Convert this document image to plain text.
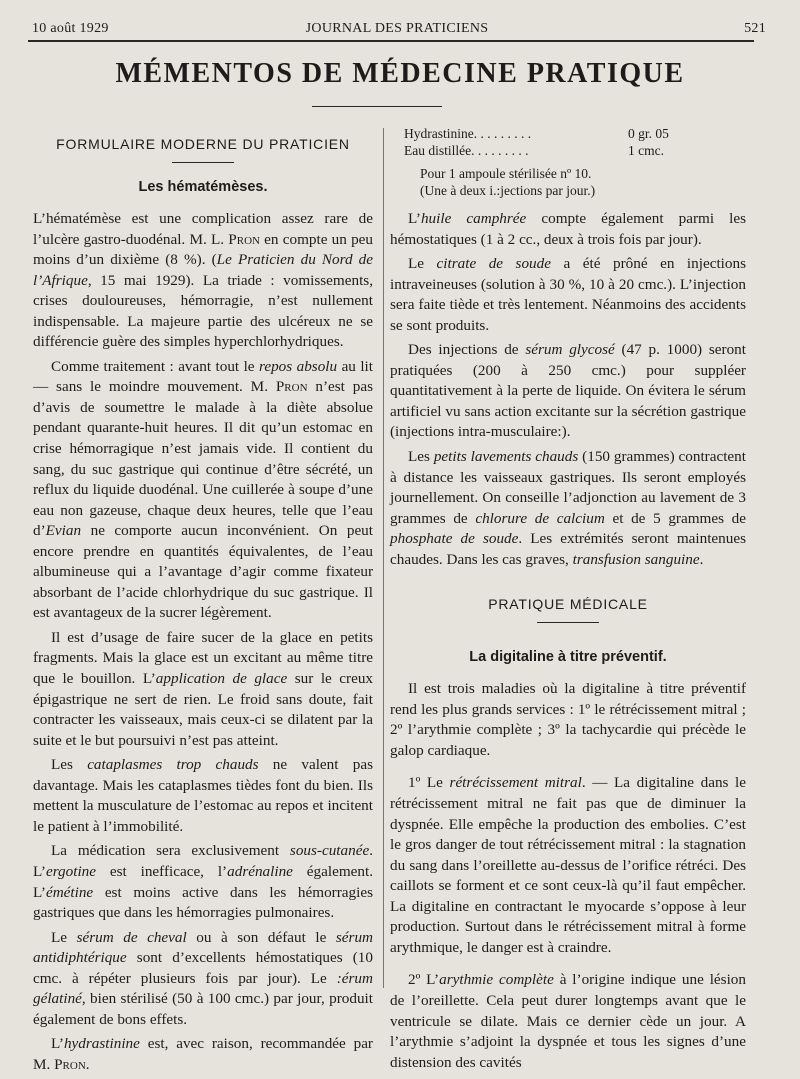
10 août 1929	JOURNAL DES PRATICIENS	521
MÉMENTOS DE MÉDECINE PRATIQUE
FORMULAIRE MODERNE DU PRATICIEN
Les hématémèses.

L’hématémèse est une complication assez rare de l’ulcère gastro-duodénal. M. L. Pron en compte un peu moins d’un dixième (8 %). (Le Praticien du Nord de l’Afrique, 15 mai 1929). La triade : vomissements, crises douloureuses, hémorragie, n’est nullement indispensable. La majeure partie des ulcéreux ne se différencie guère des simples hyperchlorhydriques.

Comme traitement : avant tout le repos absolu au lit — sans le moindre mouvement. M. Pron n’est pas d’avis de soumettre le malade à la diète absolue pendant quarante-huit heures. Il dit qu’un estomac en crise hémorragique n’est jamais vide. Il contient du sang, du suc gastrique qui continue d’être sécrété, un reflux du liquide duodénal. Une cuillerée à soupe d’une eau non gazeuse, chaque deux heures, telle que l’eau d’Evian ne comporte aucun inconvénient. On peut encore prendre en quantités équivalentes, de l’eau albumineuse qui a l’avantage d’agir comme fixateur absorbant de l’acide chlorhydrique du suc gastrique. Il est avantageux de la sucrer légèrement.

Il est d’usage de faire sucer de la glace en petits fragments. Mais la glace est un excitant au même titre que le bouillon. L’application de glace sur le creux épigastrique ne sert de rien. Le froid sans doute, fait contracter les vaisseaux, mais ceux-ci se dilatent par la suite et le but poursuivi n’est pas atteint.

Les cataplasmes trop chauds ne valent pas davantage. Mais les cataplasmes tièdes font du bien. Ils mettent la musculature de l’estomac au repos et incitent le patient à l’immobilité.

La médication sera exclusivement sous-cutanée. L’ergotine est inefficace, l’adrénaline également. L’émétine est moins active dans les hémorragies gastriques que dans les hémorragies pulmonaires.

Le sérum de cheval ou à son défaut le sérum antidiphtérique sont d’excellents hémostatiques (10 cmc. à répéter plusieurs fois par jour). Le :érum gélatiné, bien stérilisé (50 à 100 cmc.) par jour, produit également de bons effets.

L’hydrastinine est, avec raison, recommandée par M. Pron.

Hydrastinine. . . . . . . . .	0 gr. 05
Eau distillée. . . . . . . . .	1 cmc.
Pour 1 ampoule stérilisée nº 10.
(Une à deux i.:jections par jour.)

L’huile camphrée compte également parmi les hémostatiques (1 à 2 cc., deux à trois fois par jour).

Le citrate de soude a été prôné en injections intraveineuses (solution à 30 %, 10 à 20 cmc.). L’injection sera faite tiède et très lentement. Néanmoins des accidents se sont produits.

Des injections de sérum glycosé (47 p. 1000) seront pratiquées (200 à 250 cmc.) pour suppléer quantitativement à la perte de liquide. On évitera le sérum artificiel vu sans action excitante sur la sécrétion gastrique (injections intra-musculaire:).

Les petits lavements chauds (150 grammes) contractent à distance les vaisseaux gastriques. Ils seront employés journellement. On conseille l’adjonction au lavement de 3 grammes de chlorure de calcium et de 5 grammes de phosphate de soude. Les extrémités seront maintenues chaudes. Dans les cas graves, transfusion sanguine.

PRATIQUE MÉDICALE
La digitaline à titre préventif.

Il est trois maladies où la digitaline à titre préventif rend les plus grands services : 1º le rétrécissement mitral ; 2º l’arythmie complète ; 3º la tachycardie qui précède le galop cardiaque.

1º Le rétrécissement mitral. — La digitaline dans le rétrécissement mitral ne fait pas que de diminuer la dyspnée. Elle empêche la production des embolies. C’est le gros danger de tout rétrécissement mitral : la stagnation du sang dans l’oreillette au-dessus de l’orifice rétréci. Des caillots se forment et ce sont ceux-là qu’il faut empêcher. La digitaline en contractant le myocarde s’oppose à leur production. Surtout dans le rétrécissement mitral à forme arythmique, le danger est à craindre.

2º L’arythmie complète à l’origine indique une lésion de l’oreillette. Cela peut durer longtemps avant que le ventricule se dilate. Mais ce dernier cède un jour. A l’arythmie s’adjoint la dyspnée et tous les signes d’une distension des cavités
